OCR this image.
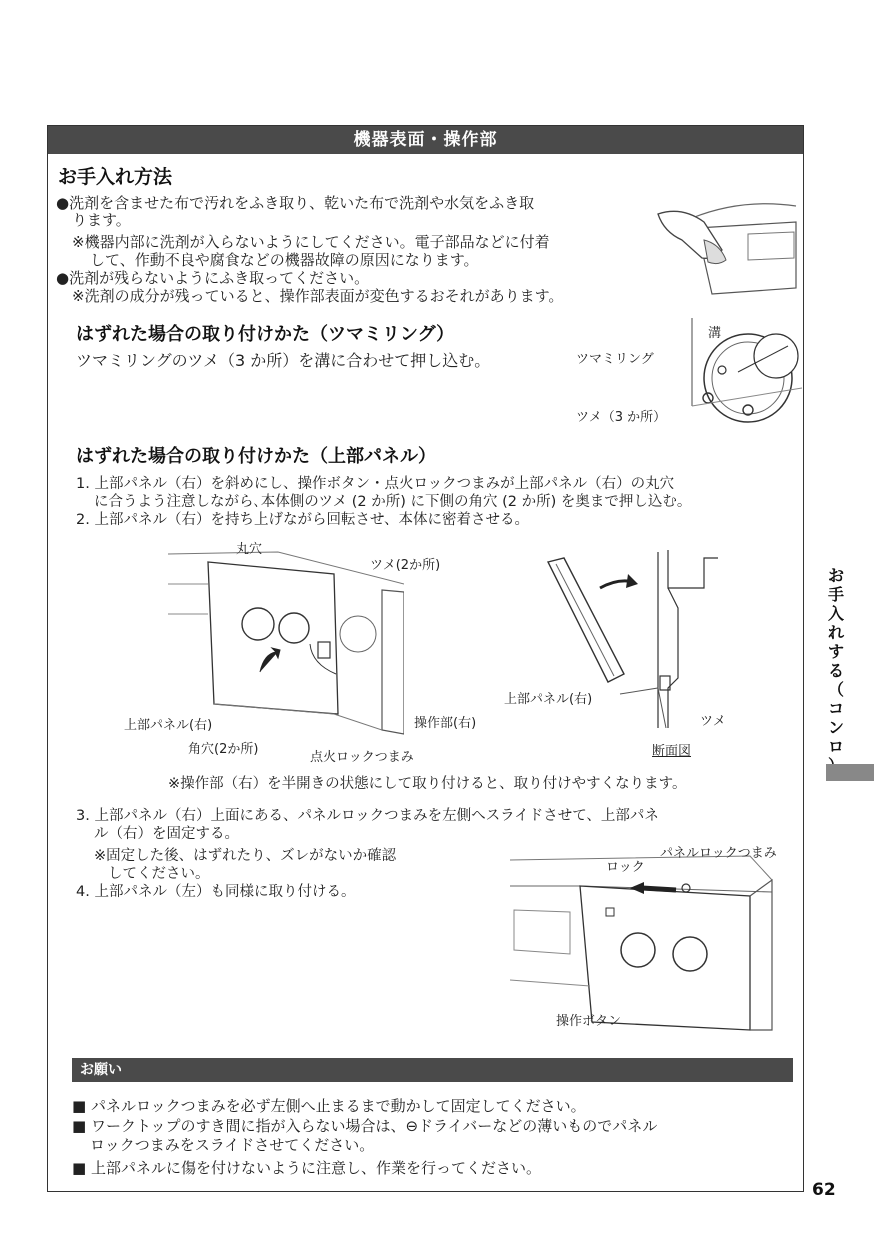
機器表面・操作部
お手入れ方法
●洗剤を含ませた布で汚れをふき取り、乾いた布で洗剤や水気をふき取
ります。
※機器内部に洗剤が入らないようにしてください。電子部品などに付着
して、作動不良や腐食などの機器故障の原因になります。
●洗剤が残らないようにふき取ってください。
※洗剤の成分が残っていると、操作部表面が変色するおそれがあります。
はずれた場合の取り付けかた（ツマミリング）
ツマミリングのツメ（3 か所）を溝に合わせて押し込む。
溝
ツマミリング
ツメ（3 か所）
はずれた場合の取り付けかた（上部パネル）
1. 上部パネル（右）を斜めにし、操作ボタン・点火ロックつまみが上部パネル（右）の丸穴
に合うよう注意しながら､本体側のツメ (2 か所) に下側の角穴 (2 か所) を奥まで押し込む。
2. 上部パネル（右）を持ち上げながら回転させ、本体に密着させる。
丸穴
ツメ(2か所)
上部パネル(右)
角穴(2か所)
点火ロックつまみ
操作部(右)
上部パネル(右)
ツメ
断面図
※操作部（右）を半開きの状態にして取り付けると、取り付けやすくなります。
3. 上部パネル（右）上面にある、パネルロックつまみを左側へスライドさせて、上部パネ
ル（右）を固定する。
※固定した後、はずれたり、ズレがないか確認
してください。
4. 上部パネル（左）も同様に取り付ける。
パネルロックつまみ
ロック
操作ボタン
お願い
■ パネルロックつまみを必ず左側へ止まるまで動かして固定してください。
■ ワークトップのすき間に指が入らない場合は、⊖ドライバーなどの薄いものでパネル
ロックつまみをスライドさせてください。
■ 上部パネルに傷を付けないように注意し、作業を行ってください。
お
手
入
れ
す
る
（
コ
ン
ロ
62
